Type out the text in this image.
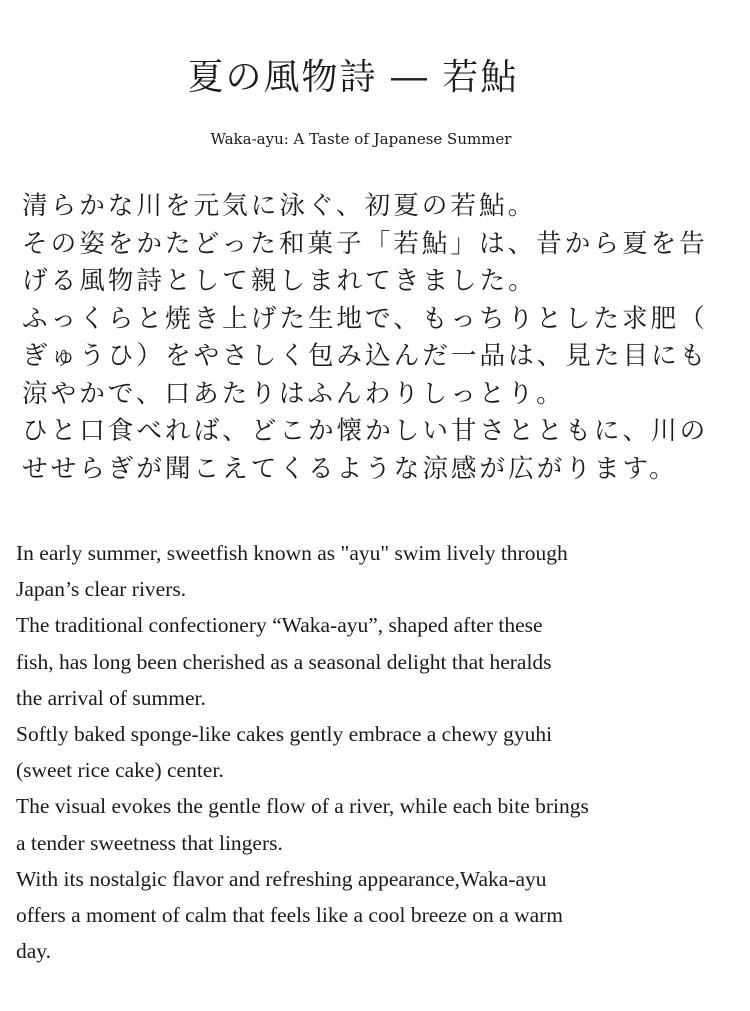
夏の風物詩 ― 若鮎

Waka-ayu: A Taste of Japanese Summer

清らかな川を元気に泳ぐ、初夏の若鮎。
その姿をかたどった和菓子「若鮎」は、昔から夏を告
げる風物詩として親しまれてきました。
ふっくらと焼き上げた生地で、もっちりとした求肥（
ぎゅうひ）をやさしく包み込んだ一品は、見た目にも
涼やかで、口あたりはふんわりしっとり。
ひと口食べれば、どこか懐かしい甘さとともに、川の
せせらぎが聞こえてくるような涼感が広がります。
In early summer, sweetfish known as "ayu" swim lively through
Japan’s clear rivers.
The traditional confectionery “Waka-ayu”, shaped after these
fish, has long been cherished as a seasonal delight that heralds
the arrival of summer.
Softly baked sponge-like cakes gently embrace a chewy gyuhi
(sweet rice cake) center.
The visual evokes the gentle flow of a river, while each bite brings
a tender sweetness that lingers.
With its nostalgic flavor and refreshing appearance,Waka-ayu
offers a moment of calm that feels like a cool breeze on a warm
day.
